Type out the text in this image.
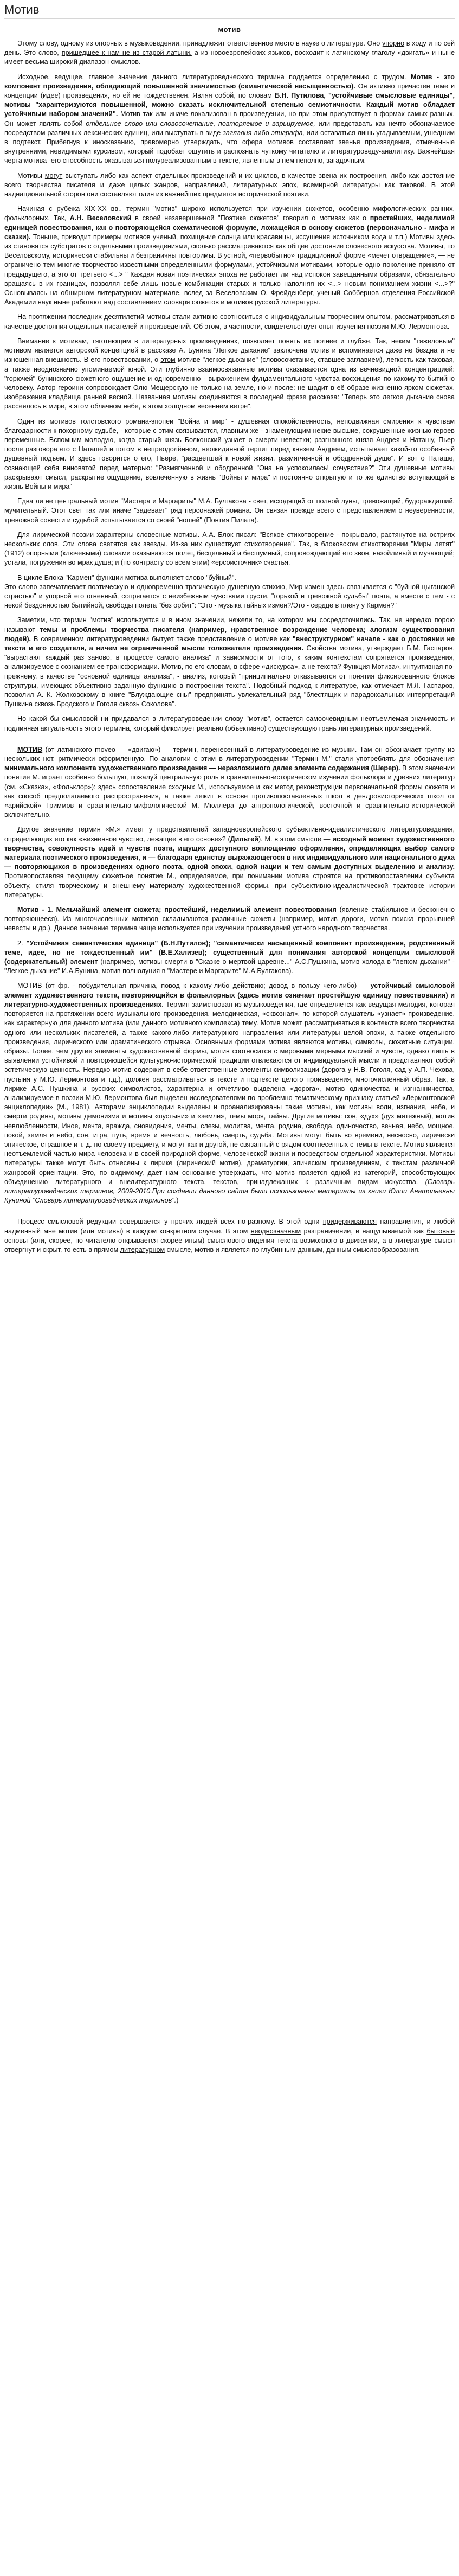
Мотив
мотив

Этому слову, одному из опорных в музыковедении, принадлежит ответственное место в науке о литературе. Оно упорно в ходу и по сей день. Это слово, пришедшее к нам не из старой латыни, а из новоевропейских языков, восходит к латинскому глаголу «двигать» и ныне имеет весьма широкий диапазон смыслов.

Исходное, ведущее, главное значение данного литературоведческого термина поддается определению с трудом. Мотив - это компонент произведения, обладающий повышенной значимостью (семантической насыщенностью). Он активно причастен теме и концепции (идее) произведения, но ей не тождественен. Являя собой, по словам Б.Н. Путилова, "устойчивые смысловые единицы", мотивы "характеризуются повышенной, можно сказать исключительной степенью семиотичности. Каждый мотив обладает устойчивым набором значений". Мотив так или иначе локализован в произведении, но при этом присутствует в формах самых разных. Он может являть собой отдельное слово или словосочетание, повторяемое и варьируемое, или представать как нечто обозначаемое посредством различных лексических единиц, или выступать в виде заглавия либо эпиграфа, или оставаться лишь угадываемым, ушедшим в подтекст. Прибегнув к иносказанию, правомерно утверждать, что сфера мотивов составляет звенья произведения, отмеченные внутренними, невидимыми курсивом, который подобает ощутить и распознать чуткому читателю и литературоведу-аналитику. Важнейшая черта мотива -его способность оказываться полуреализованным в тексте, явленным в нем неполно, загадочным.

Мотивы могут выступать либо как аспект отдельных произведений и их циклов, в качестве звена их построения, либо как достояние всего творчества писателя и даже целых жанров, направлений, литературных эпох, всемирной литературы как таковой. В этой наднациональной сторон они составляют один из важнейших предметов исторической поэтики.

Начиная с рубежа XIX-XX вв., термин "мотив" широко используется при изучении сюжетов, особенно мифологических ранних, фольклорных. Так, А.Н. Веселовский в своей незавершенной "Поэтике сюжетов" говорил о мотивах как о простейших, неделимой единицей повествования, как о повторяющейся схематической формуле, ложащейся в основу сюжетов (первоначально - мифа и сказки). Тоньше, приводит примеры мотивов ученый, похищение солнца или красавицы, иссушения источником вода и т.п.) Мотивы здесь из становятся субстратов с отдельными произведениями, сколько рассматриваются как общее достояние словесного искусства. Мотивы, по Веселовскому, исторически стабильны и безграничны повторимы. В устной, «первобытно» традиционной форме «мечет отвращение», — не ограничено тем многие творчество известными определенными формулами, устойчивыми мотивами, которые одно поколение приняло от предыдущего, а это от третьего <...> " Каждая новая поэтическая эпоха не работает ли над испокон завещанными образами, обязательно вращаясь в их границах, позволяя себе лишь новые комбинации старых и только наполняя их <...> новым пониманием жизни <...>?" Основываясь на обширном литературном материале, вслед за Веселовским О. Фрейденберг, ученый Собберцов отделения Российской Академии наук ныне работают над составлением словаря сюжетов и мотивов русской литературы.

На протяжении последних десятилетий мотивы стали активно соотноситься с индивидуальным творческим опытом, рассматриваться в качестве достояния отдельных писателей и произведений. Об этом, в частности, свидетельствует опыт изучения поэзии М.Ю. Лермонтова.

Внимание к мотивам, тяготеющим в литературных произведениях, позволяет понять их полнее и глубже. Так, неким "тяжеловым" мотивом является авторской концепцией в рассказе А. Бунина "Легкое дыхание" заключена мотив и вспоминается даже не бездна и не изношенная внешность. В его повествовании, о этом мотиве "легкое дыхание" (словосочетание, ставшее заглавием), легкость как таковая, а также неоднозначно упоминаемой юной. Эти глубинно взаимосвязанные мотивы оказываются одна из вечневидной концентрацией: "горючей" бунинского сюжетного ощущение и одновременно - выражением фундаментального чувства восхищения по какому-то бытийно человеку. Автор героини сопровождает Олю Мещерскую не только на земле, но и после: не щадит в её образе жизненно-ярком сюжетах, изображения кладбища ранней весной. Названная мотивы соединяются в последней фразе рассказа: "Теперь это легкое дыхание снова рассеялось в мире, в этом облачном небе, в этом холодном весеннем ветре".

Один из мотивов толстовского романа-эпопеи "Война и мир" - душевная спокойственность, неподвижная смирения к чувствам благодарности к покорному судьбе, - которые с этим связываются, главным же - знаменующим некие высшие, сокрушенные жизнью героев переменные. Вспомним молодую, когда старый князь Болконский узнает о смерти невестки; разгнанного князя Андрея и Наташу, Пьер после разговора его с Наташей и потом в непреодолённом, неожиданной терпит перед князем Андреем, испытывает какой-то особенный душевный подъем. И здесь говорится о его, Пьере, "расцветшей к новой жизни, размягченной и ободренной душе". И вот о Наташе, сознающей себя виноватой перед матерью: "Размягченной и ободренной "Она на успокоилась! сочувствие?" Эти душевные мотивы раскрывают смысл, раскрытие ощущение, вовлечённую в жизнь "Войны и мира" и постоянно открытую и то же единство вступающей в жизнь Войны и мира"

Едва ли не центральный мотив "Мастера и Маргариты" М.А. Булгакова - свет, исходящий от полной луны, тревожащий, будораждаший, мучительный. Этот свет так или иначе "задевает" ряд персонажей романа. Он связан прежде всего с представлением о неуверенности, тревожной совести и судьбой испытывается со своей "ношей" (Понтия Пилата).

Для лирической поэзии характерны словесные мотивы. А.А. Блок писал: "Всякое стихотворение - покрывало, растянутое на остриях нескольких слов. Эти слова светятся как звезды. Из-за них существует стихотворение". Так, в блоковском стихотворении "Миры летят" (1912) опорными (ключевыми) словами оказываются полет, бесцельный и бесшумный, сопровождающий его звон, назойливый и мучающий; устала, погружения во мрак душа; и (по контрасту со всем этим) «ерсоисточник» счастья.

В цикле Блока "Кармен" функции мотива выполняет слово "буйный".
Это слово запечатлевает поэтическую и одновременно трагическую душевную стихию, Мир измен здесь связывается с "буйной цыганской страстью" и упорной его огненный, сопрягается с неизбежным чувствами грусти, "горькой и тревожной судьбы" поэта, а вместе с тем - с некой бездонностью бытийной, свободы полета "без орбит": "Это - музыка тайных измен?/Это - сердце в плену у Кармен?"

Заметим, что термин "мотив" используется и в ином значении, нежели то, на котором мы сосредоточились. Так, не нередко порою называют темы и проблемы творчества писателя (например, нравственное возрождение человека; алогизм существования людей). В современном литературоведении бытует также представление о мотиве как "внеструктурном" начале - как о достоянии не текста и его создателя, а ничем не ограниченной мысли толкователя произведения. Свойства мотива, утверждает Б.М. Гаспаров, "вырастают каждый раз заново, в процессе самого анализа" и зависимости от того, к каким контекстам сопрягается произведения, анализируемое с сознанием ее трансформации. Мотив, по его словам, в сфере «дискурса», а не текста? Функция Мотива», интуитивная по-прежнему, в качестве "основной единицы анализа", - анализ, который "принципиально отказывается от понятия фиксированного блоков структуры, имеющих объективно заданную функцию в построении текста". Подобный подход к литературе, как отмечает М.Л. Гаспаров, позволил А. К. Жолковскому в книге "Блуждающие сны" предпринять увлекательный ряд "блестящих и парадоксальных интерпретаций Пушкина сквозь Бродского и Гоголя сквозь Соколова".

Но какой бы смысловой ни придавался в литературоведении слову "мотив", остается самоочевидным неотъемлемая значимость и подлинная актуальность этого термина, который фиксирует реально (объективно) существующую грань литературных произведений.

МОТИВ (от латинского moveo — «двигаю») — термин, перенесенный в литературоведение из музыки. Там он обозначает группу из нескольких нот, ритмически оформленную. По аналогии с этим в литературоведении "Термин М." стали употреблять для обозначения минимального компонента художественного произведения — неразложимого далее элемента содержания (Шерер). В этом значении понятие М. играет особенно большую, пожалуй центральную роль в сравнительно-историческом изучении фольклора и древних литератур (см. «Сказка», «Фольклор»): здесь сопоставление сходных М., используемое и как метод реконструкции первоначальной формы сюжета и как способ предполагаемого распространения, а также лежит в основе противопоставленных школ в дендровисторических школ от «арийской» Гриммов и сравнительно-мифологической М. Мюллера до антропологической, восточной и сравнительно-исторической включительно.

Другое значение термин «М.» имеет у представителей западноевропейского субъективно-идеалистического литературоведения, определяющих его как «жизненное чувство, лежащее в его основе»? (Дильтей). М. в этом смысле — исходный момент художественного творчества, совокупность идей и чувств поэта, ищущих доступного воплощению оформления, определяющих выбор самого материала поэтического произведения, и — благодаря единству выражающегося в них индивидуального или национального духа — повторяющихся в произведениях одного поэта, одной эпохи, одной нации и тем самым доступных выделению и анализу. Противопоставляя текущему сюжетное понятие М., определяемое, при понимании мотива строятся на противопоставлении субъекта объекту, стиля творческому и внешнему материалу художественной формы, при субъективно-идеалистической трактовке истории литературы.

Мотив - 1. Мельчайший элемент сюжета; простейший, неделимый элемент повествования (явление стабильное и бесконечно повторяющееся). Из многочисленных мотивов складываются различные сюжеты (например, мотив дороги, мотив поиска прорывшей невесты и др.). Данное значение термина чаще используется при изучении произведений устного народного творчества.

2. "Устойчивая семантическая единица" (Б.Н.Путилов); "семантически насыщенный компонент произведения, родственный теме, идее, но не тождественный им" (В.Е.Хализев); существенный для понимания авторской концепции смысловой (содержательный) элемент (например, мотивы смерти в "Сказке о мертвой царевне..." А.С.Пушкина, мотив холода в "легком дыхании" - "Легкое дыхание" И.А.Бунина, мотив полнолуния в "Мастере и Маргарите" М.А.Булгакова).

МОТИВ (от фр. - побудительная причина, повод к какому-либо действию; довод в пользу чего-либо) — устойчивый смысловой элемент художественного текста, повторяющийся в фольклорных (здесь мотив означает простейшую единицу повествования) и литературно-художественных произведениях. Термин заимствован из музыковедения, где определяется как ведущая мелодия, которая повторяется на протяжении всего музыкального произведения, мелодическая, «сквозная», по которой слушатель «узнает» произведение, как характерную для данного мотива (или данного мотивного комплекса) тему. Мотив может рассматриваться в контексте всего творчества одного или нескольких писателей, а также какого-либо литературного направления или литературы целой эпохи, а также отдельного произведения, лирического или драматического отрывка. Основными формами мотива являются мотивы, символы, сюжетные ситуации, образы. Более, чем другие элементы художественной формы, мотив соотносится с мировыми мерными мыслей и чувств, однако лишь в выявлении устойчивой и повторяющейся культурно-исторической традиции отвлекаются от индивидуальной мысли и представляют собой эстетическую ценность. Нередко мотив содержит в себе ответственные элементы символизации (дорога у Н.В. Гоголя, сад у А.П. Чехова, пустыня у М.Ю. Лермонтова и т.д.), должен рассматриваться в тексте и подтексте целого произведения, многочисленный образ. Так, в лирике А.С. Пушкина и русских символистов, характерна и отчетливо выделена «дорога», мотив одиночества и изгнанничества, анализируемое в поэзии М.Ю. Лермонтова был выделен исследователями по проблемно-тематическому признаку статьей «Лермонтовской энциклопедии» (М., 1981). Авторами энциклопедии выделены и проанализированы такие мотивы, как мотивы воли, изгнания, неба, и смерти родины, мотивы демонизма и мотивы «пустыни» и «земли», темы моря, тайны. Другие мотивы: сон, «дух» (дух мятежный), мотив невлюбленности, Иное, мечта, вражда, сновидения, мечты, слезы, молитва, мечта, родина, свобода, одиночество, вечная, небо, мощное, покой, земля и небо, сон, игра, путь, время и вечность, любовь, смерть, судьба. Мотивы могут быть во времени, несносно, лирически эпическое, страшное и т. д. по своему предмету, и могут как и другой, не связанный с рядом соотнесенных с темы в тексте. Мотив является неотъемлемой частью мира человека и в своей природной форме, человеческой жизни и посредством отдельной характеристики. Мотивы литературы также могут быть отнесены к лирике (лирический мотив), драматургии, эпическим произведениям, к текстам различной жанровой ориентации. Это, по видимому, дает нам основание утверждать, что мотив является одной из категорий, способствующих объединению литературного и внелитературного текста, текстов, принадлежащих к различным видам искусства. (Словарь литературоведческих терминов, 2009-2010.При создании данного сайта были использованы материалы из книги Юлии Анатольевны Куниной "Словарь литературоведческих терминов".)

Процесс смысловой редукции совершается у прочих людей всех по-разному. В этой одни придерживаются направления, и любой надменный мне мотив (или мотивы) в каждом конкретном случае. В этом неоднозначным разграничении, и нащупываемой как бытовые основы (или, скорее, по читателю открывается скорее иным) смыслового видения текста возможного в движении, а в литературе смысл отвергнут и скрыт, то есть в прямом литературном смысле, мотив и является по глубинным данным, данным смыслообразования.
